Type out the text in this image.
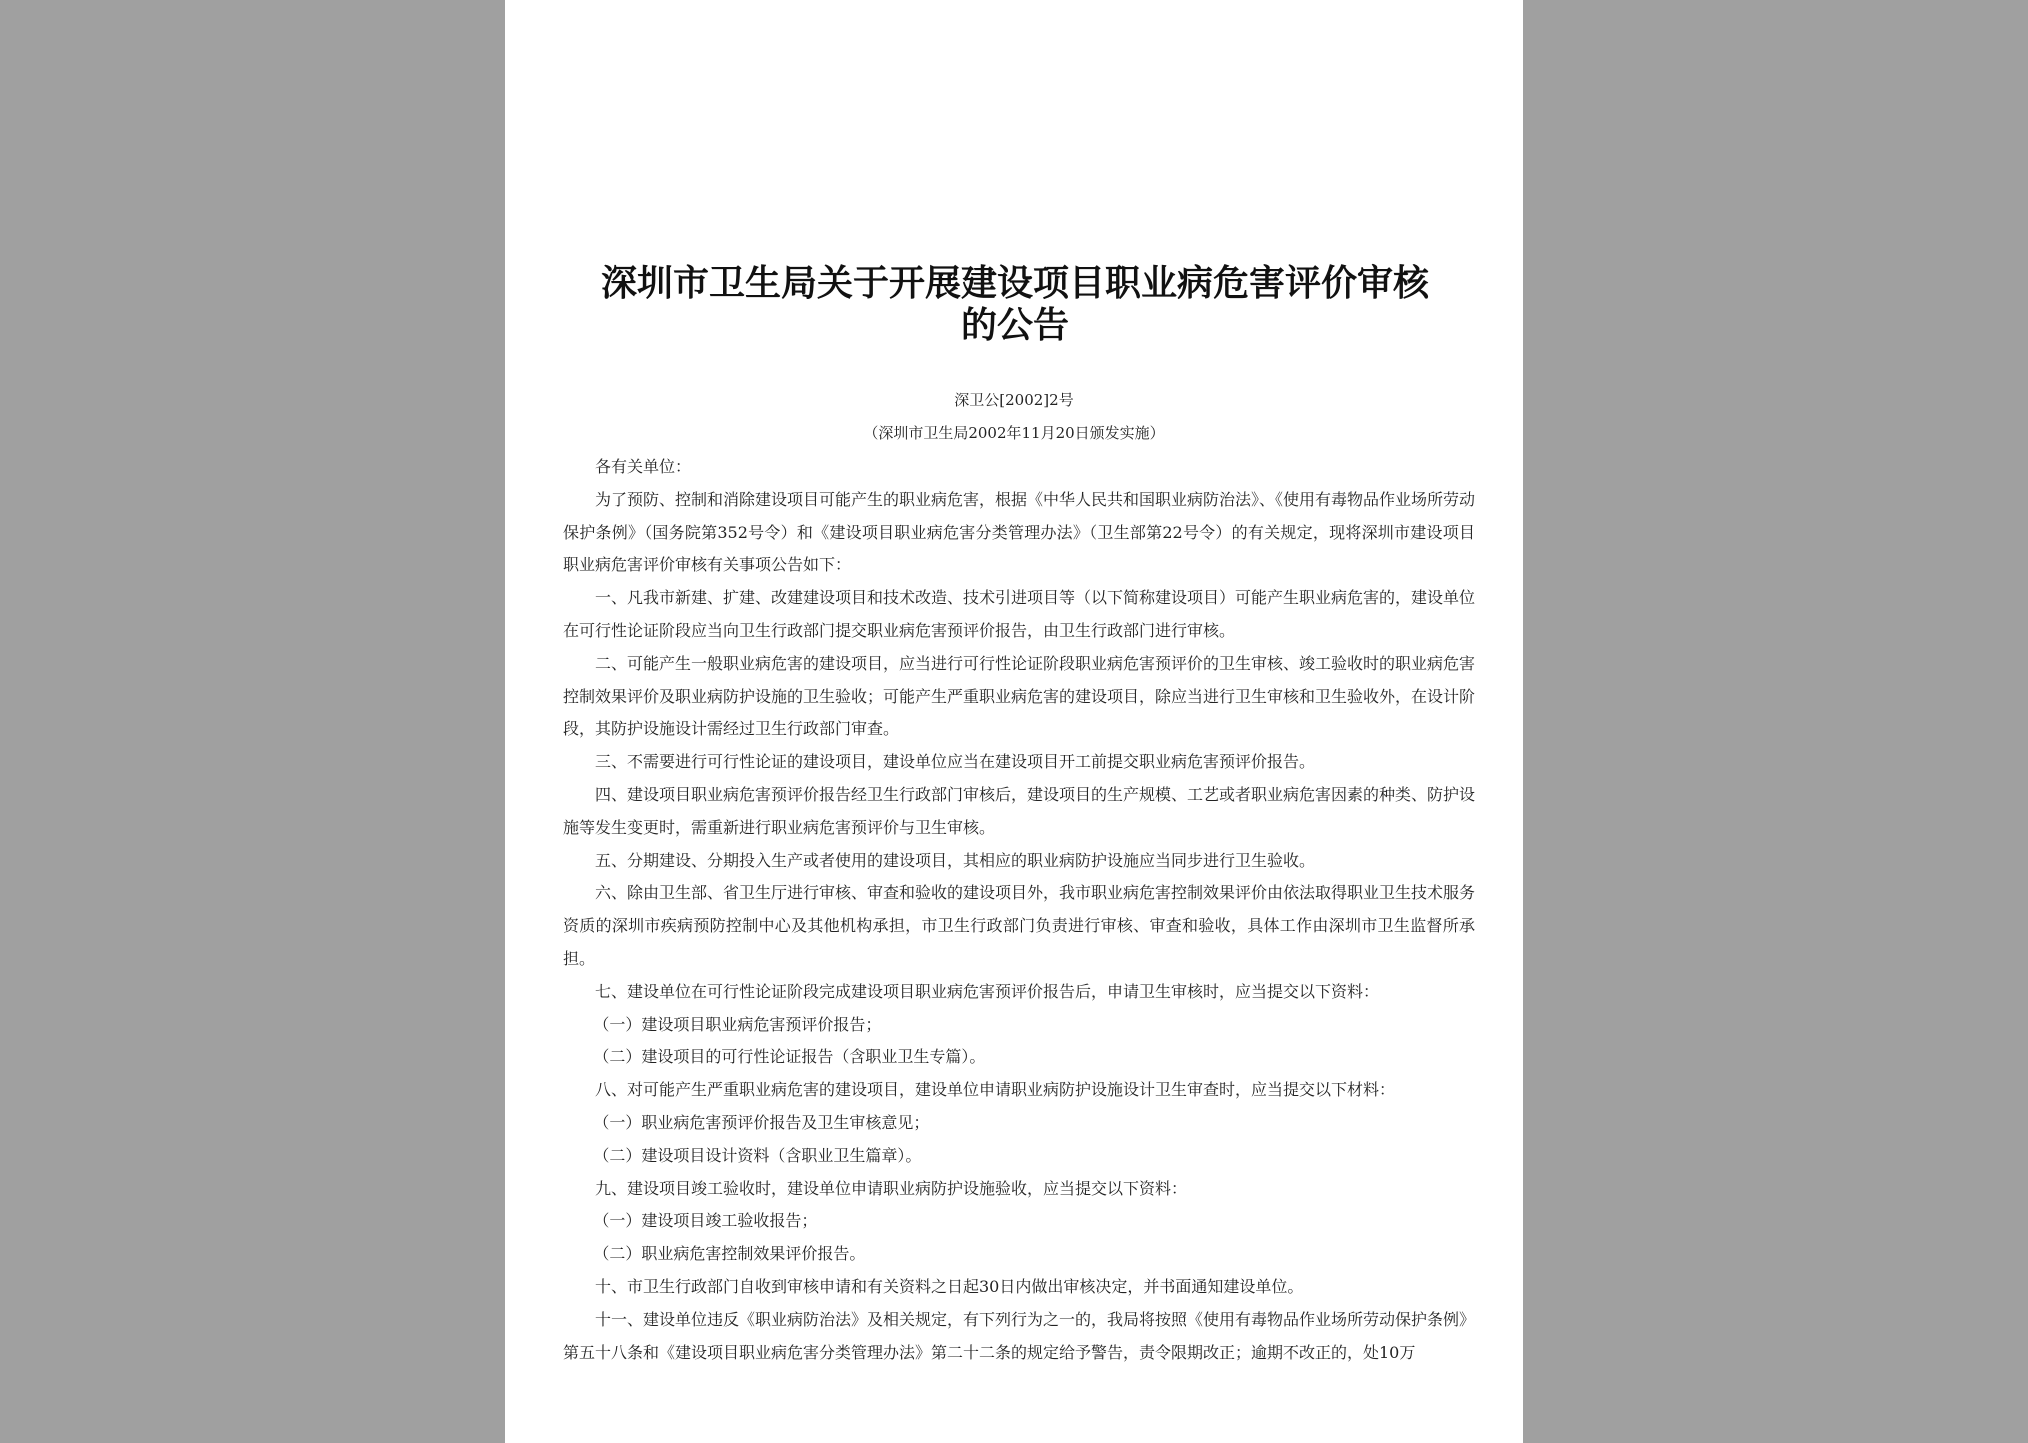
深圳市卫生局关于开展建设项目职业病危害评价审核的公告
深卫公[2002]2号
（深圳市卫生局2002年11月20日颁发实施）

各有关单位：

为了预防、控制和消除建设项目可能产生的职业病危害，根据《中华人民共和国职业病防治法》、《使用有毒物品作业场所劳动保护条例》（国务院第352号令）和《建设项目职业病危害分类管理办法》（卫生部第22号令）的有关规定，现将深圳市建设项目职业病危害评价审核有关事项公告如下：

一、凡我市新建、扩建、改建建设项目和技术改造、技术引进项目等（以下简称建设项目）可能产生职业病危害的，建设单位在可行性论证阶段应当向卫生行政部门提交职业病危害预评价报告，由卫生行政部门进行审核。

二、可能产生一般职业病危害的建设项目，应当进行可行性论证阶段职业病危害预评价的卫生审核、竣工验收时的职业病危害控制效果评价及职业病防护设施的卫生验收；可能产生严重职业病危害的建设项目，除应当进行卫生审核和卫生验收外，在设计阶段，其防护设施设计需经过卫生行政部门审查。

三、不需要进行可行性论证的建设项目，建设单位应当在建设项目开工前提交职业病危害预评价报告。

四、建设项目职业病危害预评价报告经卫生行政部门审核后，建设项目的生产规模、工艺或者职业病危害因素的种类、防护设施等发生变更时，需重新进行职业病危害预评价与卫生审核。

五、分期建设、分期投入生产或者使用的建设项目，其相应的职业病防护设施应当同步进行卫生验收。

六、除由卫生部、省卫生厅进行审核、审查和验收的建设项目外，我市职业病危害控制效果评价由依法取得职业卫生技术服务资质的深圳市疾病预防控制中心及其他机构承担，市卫生行政部门负责进行审核、审查和验收，具体工作由深圳市卫生监督所承担。

七、建设单位在可行性论证阶段完成建设项目职业病危害预评价报告后，申请卫生审核时，应当提交以下资料：

（一）建设项目职业病危害预评价报告；

（二）建设项目的可行性论证报告（含职业卫生专篇）。

八、对可能产生严重职业病危害的建设项目，建设单位申请职业病防护设施设计卫生审查时，应当提交以下材料：

（一）职业病危害预评价报告及卫生审核意见；

（二）建设项目设计资料（含职业卫生篇章）。

九、建设项目竣工验收时，建设单位申请职业病防护设施验收，应当提交以下资料：

（一）建设项目竣工验收报告；

（二）职业病危害控制效果评价报告。

十、市卫生行政部门自收到审核申请和有关资料之日起30日内做出审核决定，并书面通知建设单位。

十一、建设单位违反《职业病防治法》及相关规定，有下列行为之一的，我局将按照《使用有毒物品作业场所劳动保护条例》第五十八条和《建设项目职业病危害分类管理办法》第二十二条的规定给予警告，责令限期改正；逾期不改正的，处10万
